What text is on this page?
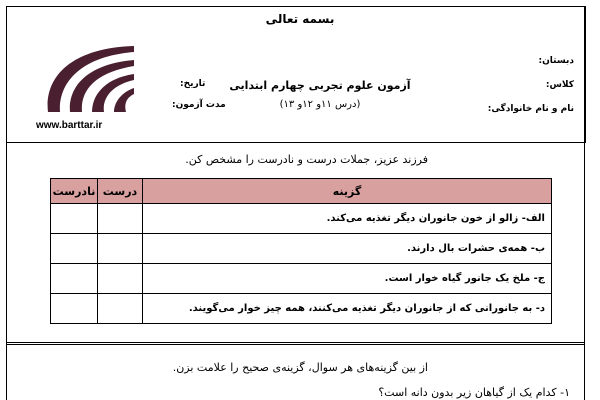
بسمه تعالی
دبستان:
کلاس:
نام و نام خانوادگی:
آزمون علوم تجربی چهارم ابتدایی
(درس ۱۱و ۱۲و ۱۳)
تاریخ:
مدت آزمون:
www.barttar.ir
فرزند عزیز، جملات درست و نادرست را مشخص کن.
نادرست	درست	گزینه
		الف- زالو از خون جانوران دیگر تغذیه می‌کند.
		ب- همه‌ی حشرات بال دارند.
		ج- ملخ یک جانور گیاه خوار است.
		د- به جانورانی که از جانوران دیگر تغذیه می‌کنند، همه چیز خوار می‌گویند.
از بین گزینه‌های هر سوال، گزینه‌ی صحیح را علامت بزن.
۱- کدام یک از گیاهان زیر بدون دانه است؟
